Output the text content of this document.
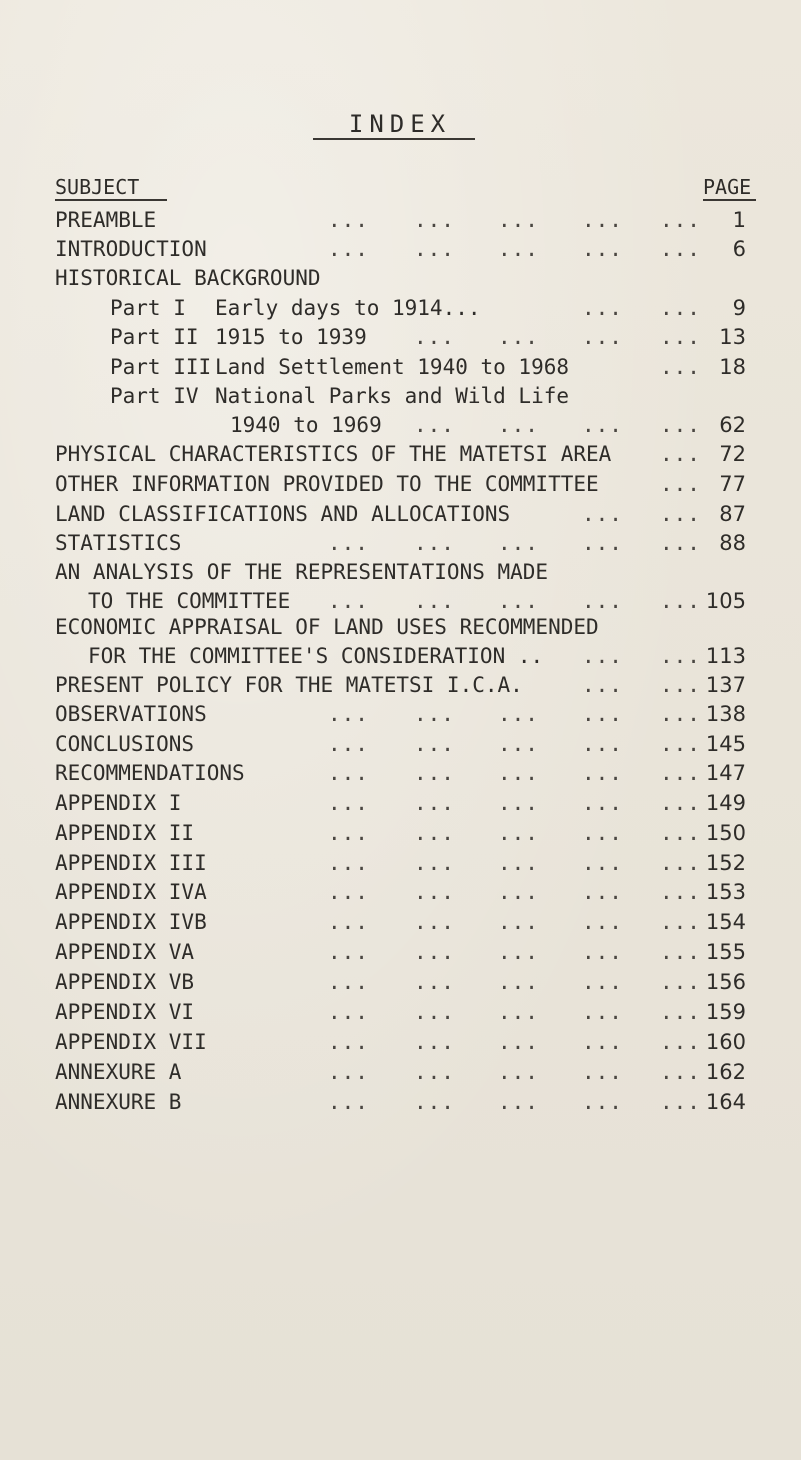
INDEX
SUBJECT	PAGE
PREAMBLE	... ... ... ... ...	1
INTRODUCTION	... ... ... ... ...	6
HISTORICAL BACKGROUND
Part I Early days to 1914...	... ...	9
Part II 1915 to 1939 ... ... ... ... 13
Part III Land Settlement 1940 to 1968	... 18
Part IV National Parks and Wild Life
1940 to 1969 ... ... ... ... 62
PHYSICAL CHARACTERISTICS OF THE MATETSI AREA ... 72
OTHER INFORMATION PROVIDED TO THE COMMITTEE	... 77
LAND CLASSIFICATIONS AND ALLOCATIONS	... ... 87
STATISTICS	... ... ... ... ... 88
AN ANALYSIS OF THE REPRESENTATIONS MADE
TO THE COMMITTEE ... ... ... ... ... 105
ECONOMIC APPRAISAL OF LAND USES RECOMMENDED
FOR THE COMMITTEE'S CONSIDERATION .. ... ... 113
PRESENT POLICY FOR THE MATETSI I.C.A.	... ... 137
OBSERVATIONS	... ... ... ... ... 138
CONCLUSIONS	... ... ... ... ... 145
RECOMMENDATIONS	... ... ... ... ... 147
APPENDIX I	... ... ... ... ... 149
APPENDIX II	... ... ... ... ... 150
APPENDIX III	... ... ... ... ... 152
APPENDIX IVA	... ... ... ... ... 153
APPENDIX IVB	... ... ... ... ... 154
APPENDIX VA	... ... ... ... ... 155
APPENDIX VB	... ... ... ... ... 156
APPENDIX VI	... ... ... ... ... 159
APPENDIX VII	... ... ... ... ... 160
ANNEXURE A	... ... ... ... ... 162
ANNEXURE B	... ... ... ... ... 164
